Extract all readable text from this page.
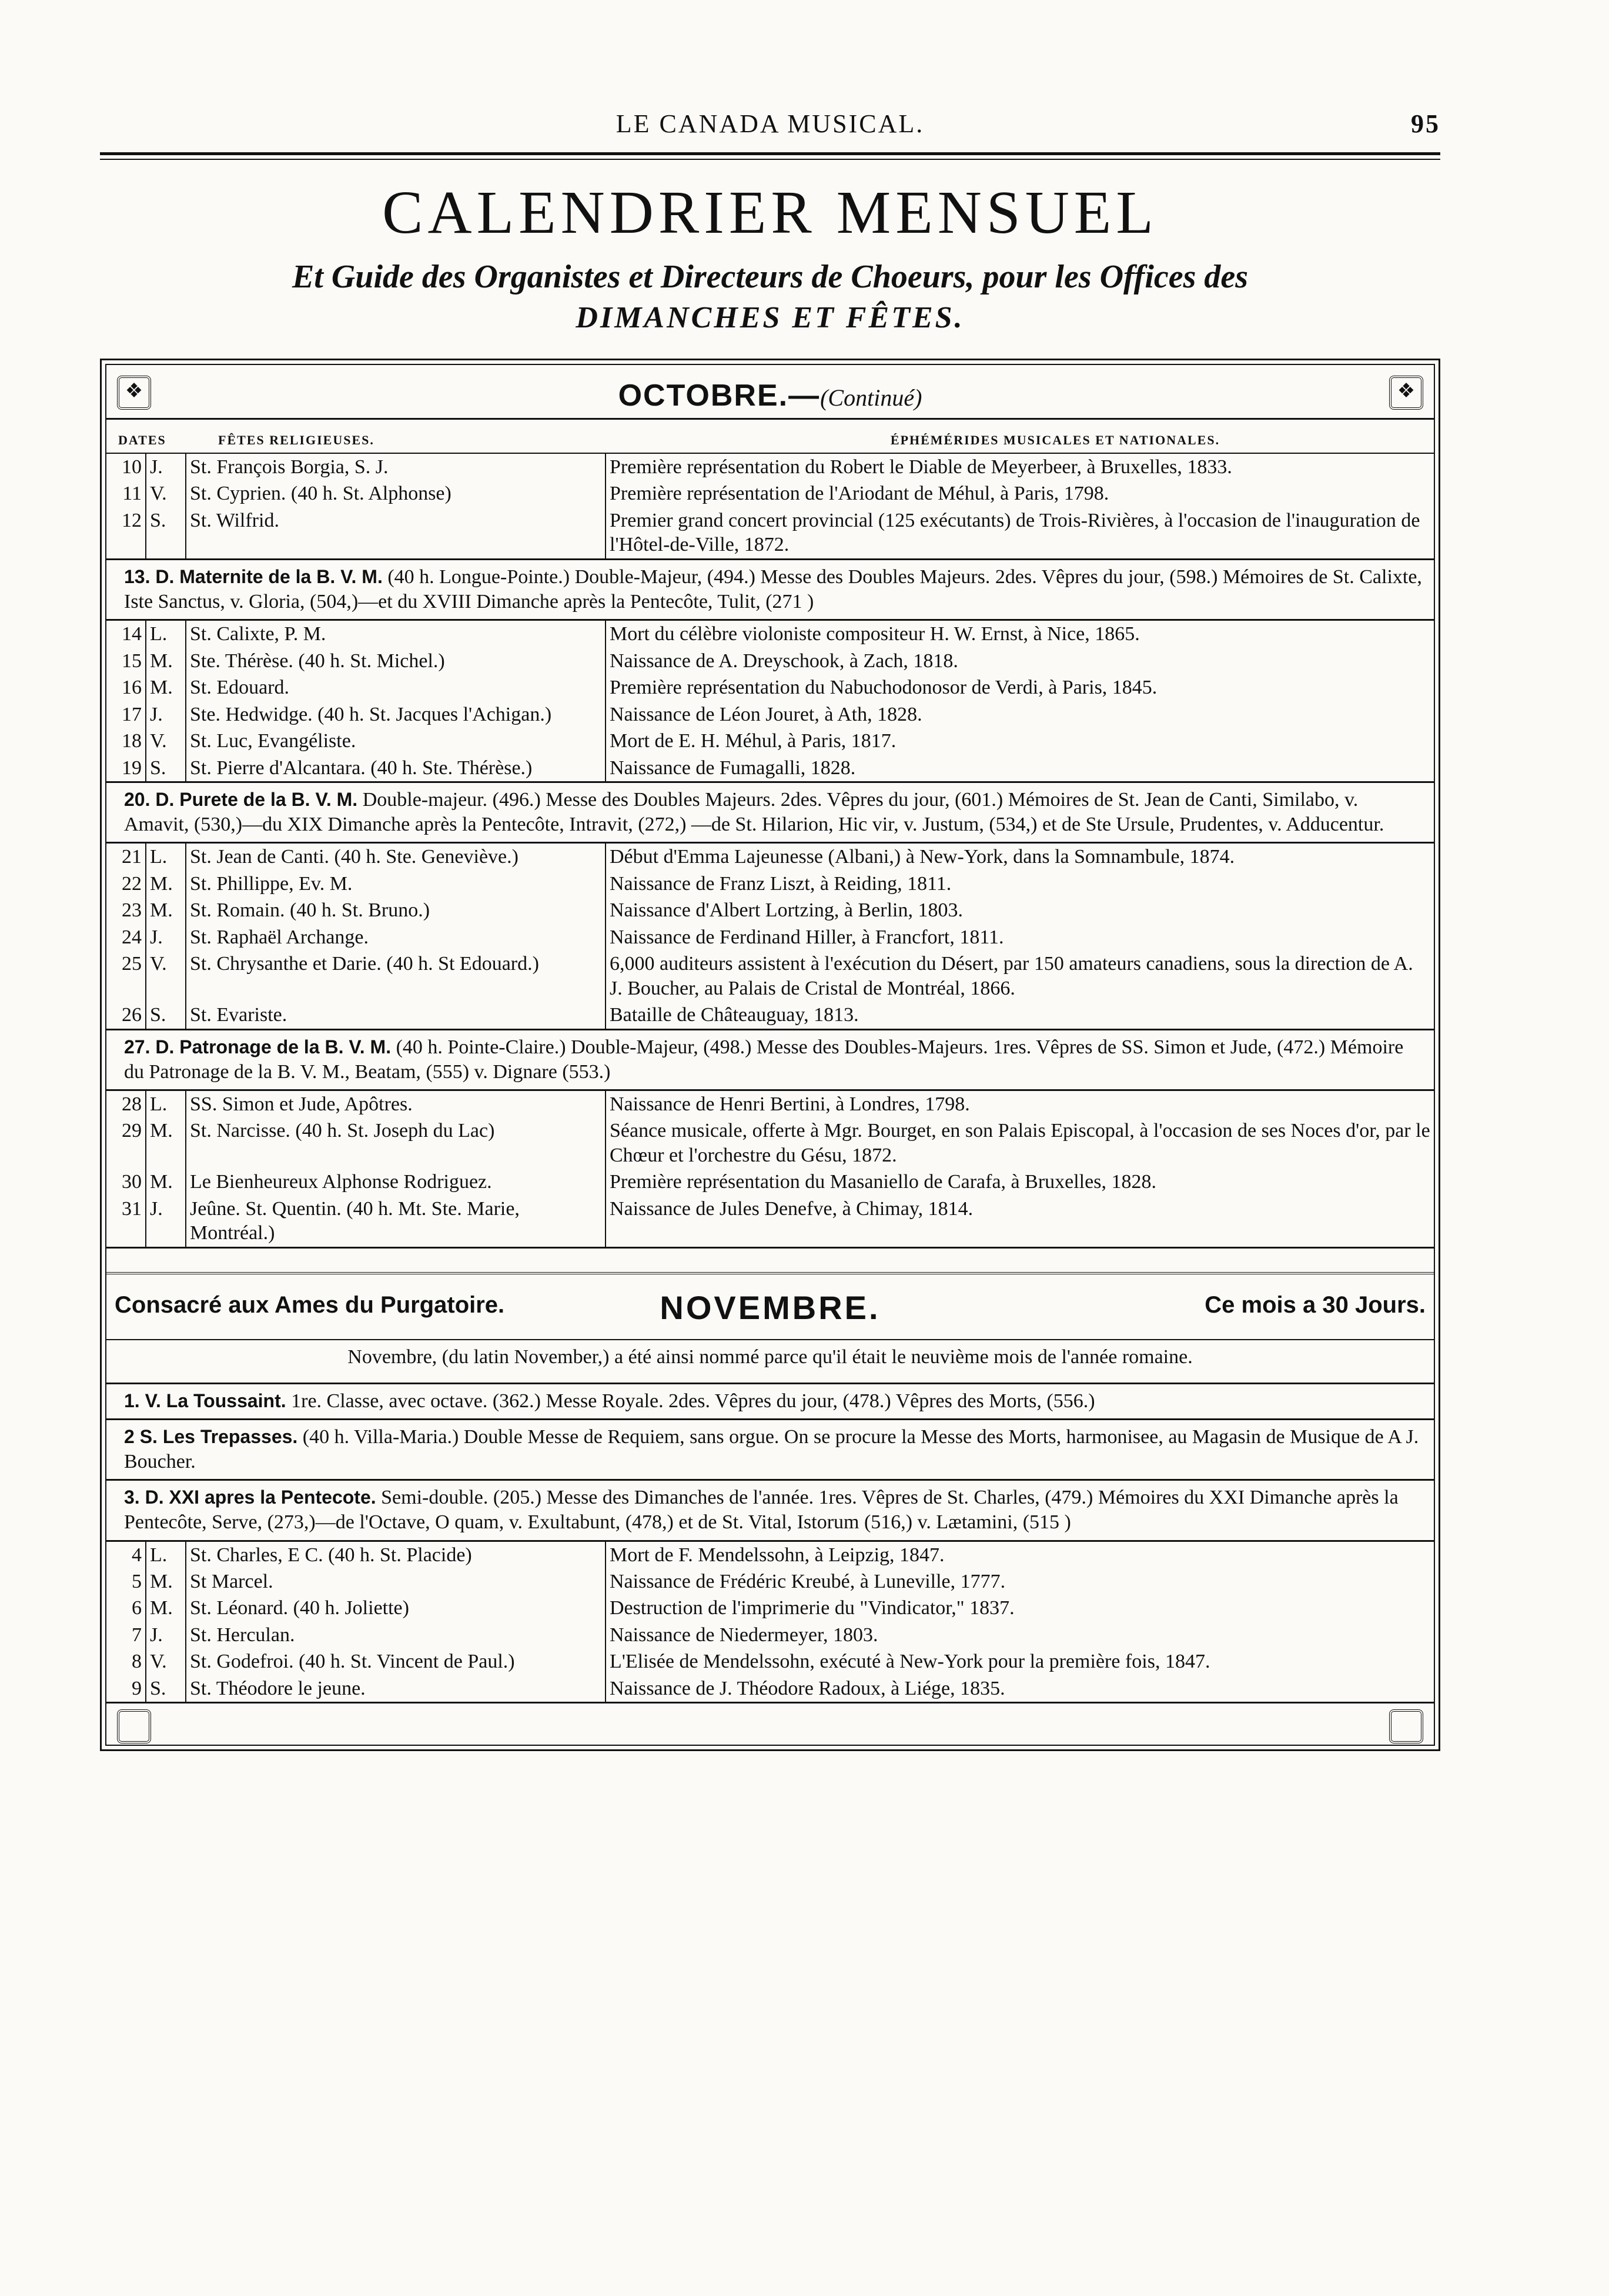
LE CANADA MUSICAL.	95
CALENDRIER MENSUEL
Et Guide des Organistes et Directeurs de Choeurs, pour les Offices des
DIMANCHES ET FÊTES.
❖	OCTOBRE.—(Continué)	❖
DATES	FÊTES RELIGIEUSES.	ÉPHÉMÉRIDES MUSICALES ET NATIONALES.
10	J.	St. François Borgia, S. J.	Première représentation du Robert le Diable de Meyerbeer, à Bruxelles, 1833.
11	V.	St. Cyprien. (40 h. St. Alphonse)	Première représentation de l'Ariodant de Méhul, à Paris, 1798.
12	S.	St. Wilfrid.	Premier grand concert provincial (125 exécutants) de Trois-Rivières, à l'occasion de l'inauguration de l'Hôtel-de-Ville, 1872.
13. D. Maternite de la B. V. M. (40 h. Longue-Pointe.) Double-Majeur, (494.) Messe des Doubles Majeurs. 2des. Vêpres du jour, (598.) Mémoires de St. Calixte, Iste Sanctus, v. Gloria, (504,)—et du XVIII Dimanche après la Pentecôte, Tulit, (271 )
14	L.	St. Calixte, P. M.	Mort du célèbre violoniste compositeur H. W. Ernst, à Nice, 1865.
15	M.	Ste. Thérèse. (40 h. St. Michel.)	Naissance de A. Dreyschook, à Zach, 1818.
16	M.	St. Edouard.	Première représentation du Nabuchodonosor de Verdi, à Paris, 1845.
17	J.	Ste. Hedwidge. (40 h. St. Jacques l'Achigan.)	Naissance de Léon Jouret, à Ath, 1828.
18	V.	St. Luc, Evangéliste.	Mort de E. H. Méhul, à Paris, 1817.
19	S.	St. Pierre d'Alcantara. (40 h. Ste. Thérèse.)	Naissance de Fumagalli, 1828.
20. D. Purete de la B. V. M. Double-majeur. (496.) Messe des Doubles Majeurs. 2des. Vêpres du jour, (601.) Mémoires de St. Jean de Canti, Similabo, v. Amavit, (530,)—du XIX Dimanche après la Pentecôte, Intravit, (272,) —de St. Hilarion, Hic vir, v. Justum, (534,) et de Ste Ursule, Prudentes, v. Adducentur.
21	L.	St. Jean de Canti. (40 h. Ste. Geneviève.)	Début d'Emma Lajeunesse (Albani,) à New-York, dans la Somnambule, 1874.
22	M.	St. Phillippe, Ev. M.	Naissance de Franz Liszt, à Reiding, 1811.
23	M.	St. Romain. (40 h. St. Bruno.)	Naissance d'Albert Lortzing, à Berlin, 1803.
24	J.	St. Raphaël Archange.	Naissance de Ferdinand Hiller, à Francfort, 1811.
25	V.	St. Chrysanthe et Darie. (40 h. St Edouard.)	6,000 auditeurs assistent à l'exécution du Désert, par 150 amateurs canadiens, sous la direction de A. J. Boucher, au Palais de Cristal de Montréal, 1866.
26	S.	St. Evariste.	Bataille de Châteauguay, 1813.
27. D. Patronage de la B. V. M. (40 h. Pointe-Claire.) Double-Majeur, (498.) Messe des Doubles-Majeurs. 1res. Vêpres de SS. Simon et Jude, (472.) Mémoire du Patronage de la B. V. M., Beatam, (555) v. Dignare (553.)
28	L.	SS. Simon et Jude, Apôtres.	Naissance de Henri Bertini, à Londres, 1798.
29	M.	St. Narcisse. (40 h. St. Joseph du Lac)	Séance musicale, offerte à Mgr. Bourget, en son Palais Episcopal, à l'occasion de ses Noces d'or, par le Chœur et l'orchestre du Gésu, 1872.
30	M.	Le Bienheureux Alphonse Rodriguez.	Première représentation du Masaniello de Carafa, à Bruxelles, 1828.
31	J.	Jeûne. St. Quentin. (40 h. Mt. Ste. Marie, Montréal.)	Naissance de Jules Denefve, à Chimay, 1814.
Consacré aux Ames du Purgatoire.	NOVEMBRE.	Ce mois a 30 Jours.
Novembre, (du latin November,) a été ainsi nommé parce qu'il était le neuvième mois de l'année romaine.
1. V. La Toussaint. 1re. Classe, avec octave. (362.) Messe Royale. 2des. Vêpres du jour, (478.) Vêpres des Morts, (556.)
2 S. Les Trepasses. (40 h. Villa-Maria.) Double Messe de Requiem, sans orgue. On se procure la Messe des Morts, harmonisee, au Magasin de Musique de A J. Boucher.
3. D. XXI apres la Pentecote. Semi-double. (205.) Messe des Dimanches de l'année. 1res. Vêpres de St. Charles, (479.) Mémoires du XXI Dimanche après la Pentecôte, Serve, (273,)—de l'Octave, O quam, v. Exultabunt, (478,) et de St. Vital, Istorum (516,) v. Lætamini, (515 )
4	L.	St. Charles, E C. (40 h. St. Placide)	Mort de F. Mendelssohn, à Leipzig, 1847.
5	M.	St Marcel.	Naissance de Frédéric Kreubé, à Luneville, 1777.
6	M.	St. Léonard. (40 h. Joliette)	Destruction de l'imprimerie du "Vindicator," 1837.
7	J.	St. Herculan.	Naissance de Niedermeyer, 1803.
8	V.	St. Godefroi. (40 h. St. Vincent de Paul.)	L'Elisée de Mendelssohn, exécuté à New-York pour la première fois, 1847.
9	S.	St. Théodore le jeune.	Naissance de J. Théodore Radoux, à Liége, 1835.
